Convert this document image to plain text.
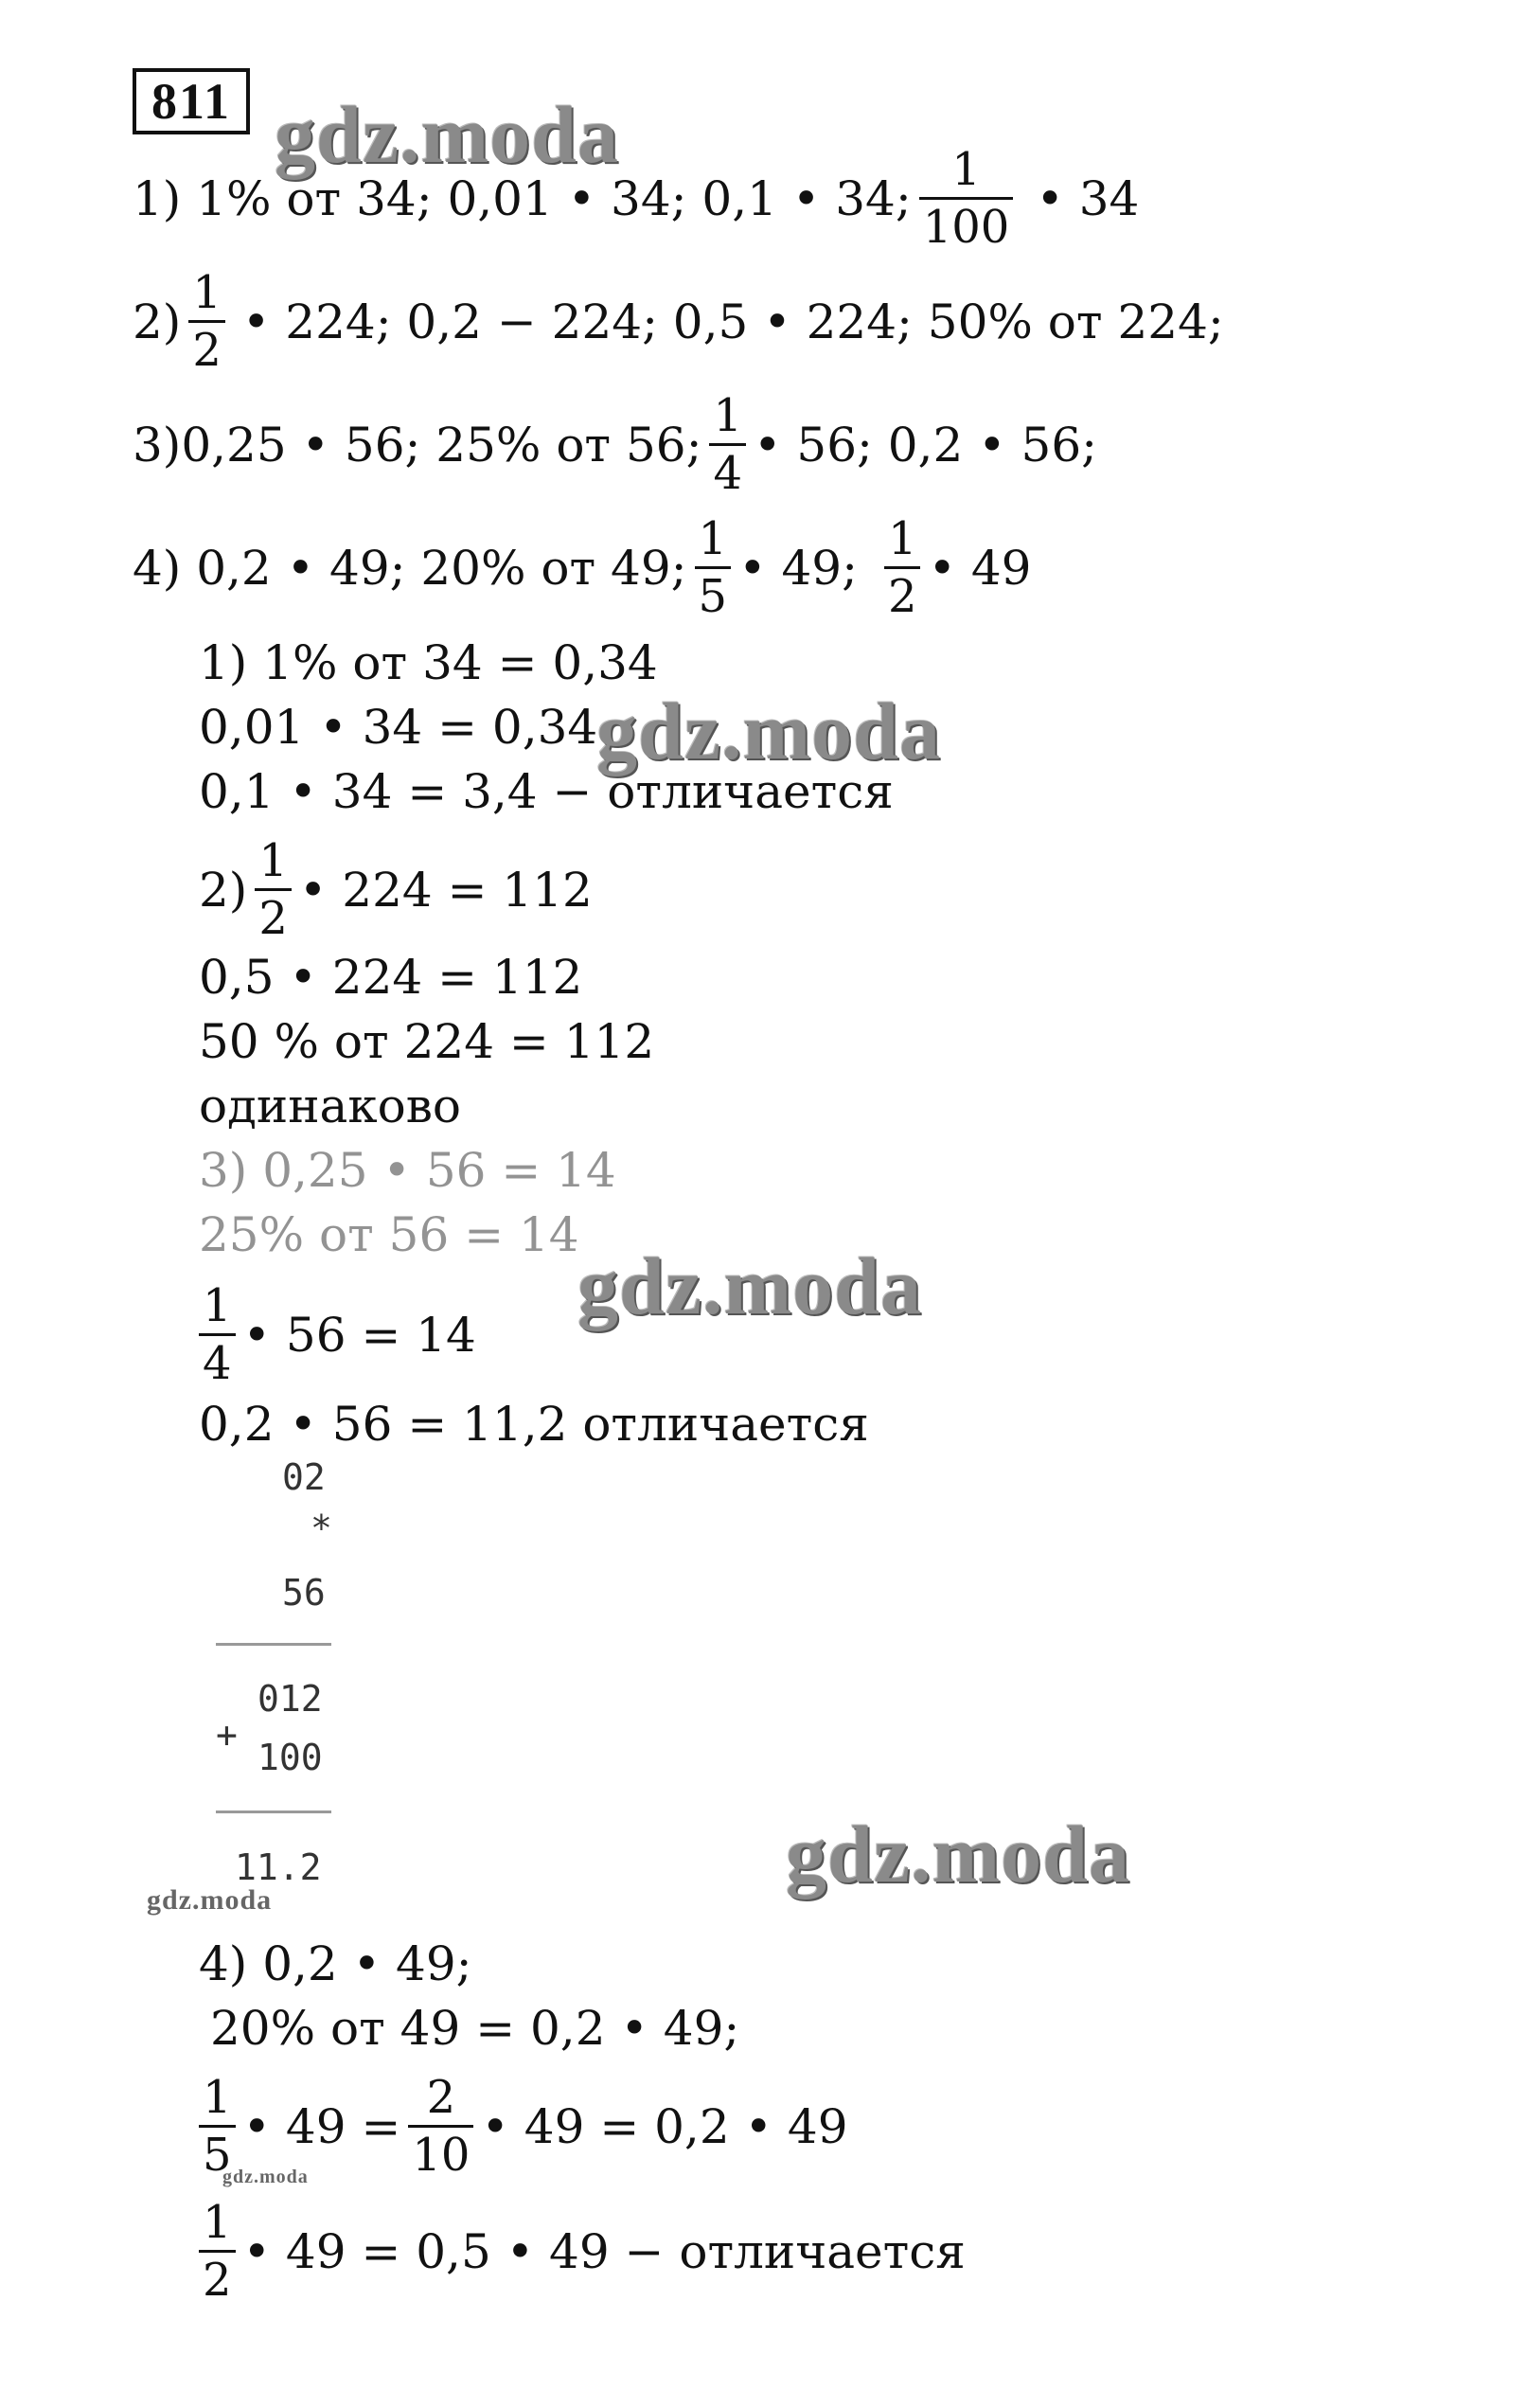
811 gdz.moda
gdz.moda
gdz.moda
gdz.moda
gdz.moda
gdz.moda
1) 1% от 34; 0,01 • 34; 0,1 • 34; $\frac{1}{100}$ • 34
$2) \frac{1}{2}$ • 224; 0,2 − 224; 0,5 • 224; 50% от 224;
3)0,25 • 56; 25% от 56; $\frac{1}{4}$ • 56; 0,2 • 56;
4) 0,2 • 49; 20% от 49; $\frac{1}{5}$ • 49; $\frac{1}{2}$ • 49
1) 1% от 34 = 0,34
0,01 • 34 = 0,34
0,1 • 34 = 3,4 − отличается
$2) \frac{1}{2}$ • 224 = 112
0,5 • 224 = 112
50 % от 224 = 112
одинаково
3) 0,25 • 56 = 14
25% от 56 = 14
$\frac{1}{4}$ • 56 = 14
0,2 • 56 = 11,2 отличается
02
*
56
+
012
100
11.2
4) 0,2 • 49;
20% от 49 = 0,2 • 49;
$\frac{1}{5}$ • $49 = \frac{2}{10}$ • 49 = 0,2 • 49
$\frac{1}{2}$ • 49 = 0,5 • 49 − отличается
